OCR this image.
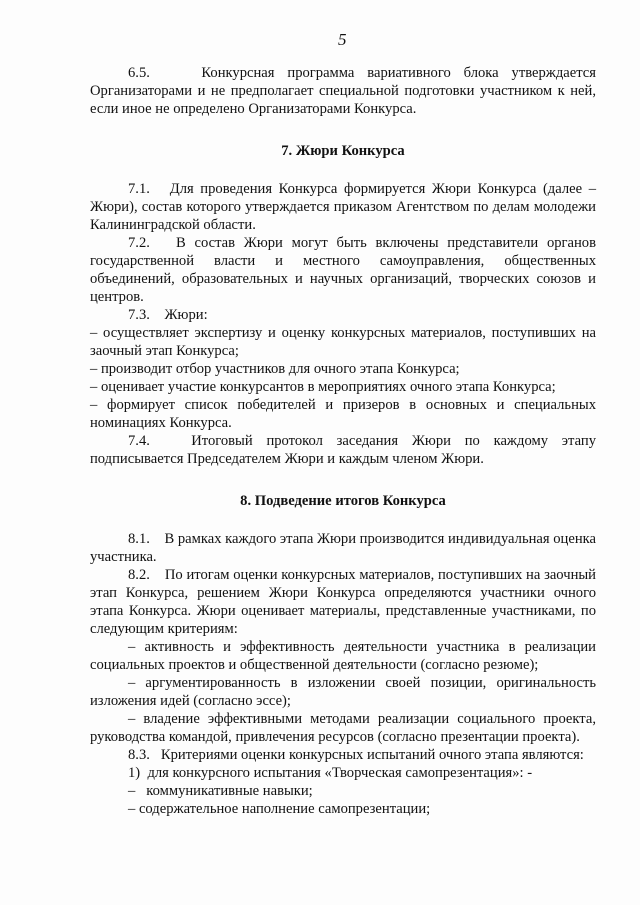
5

6.5.    Конкурсная программа вариативного блока утверждается Организаторами и не предполагает специальной подготовки участником к ней, если иное не определено Организаторами Конкурса.

7. Жюри Конкурса

7.1.   Для проведения Конкурса формируется Жюри Конкурса (далее – Жюри), состав которого утверждается приказом Агентством по делам молодежи Калининградской области.

7.2.   В состав Жюри могут быть включены представители органов государственной власти и местного самоуправления, общественных объединений, образовательных и научных организаций, творческих союзов и центров.

7.3.    Жюри:

– осуществляет экспертизу и оценку конкурсных материалов, поступивших на заочный этап Конкурса;

– производит отбор участников для очного этапа Конкурса;

– оценивает участие конкурсантов в мероприятиях очного этапа Конкурса;

– формирует список победителей и призеров в основных и специальных номинациях Конкурса.

7.4.   Итоговый протокол заседания Жюри по каждому этапу подписывается Председателем Жюри и каждым членом Жюри.

8. Подведение итогов Конкурса

8.1.    В рамках каждого этапа Жюри производится индивидуальная оценка участника.

8.2.    По итогам оценки конкурсных материалов, поступивших на заочный этап Конкурса, решением Жюри Конкурса определяются участники очного этапа Конкурса. Жюри оценивает материалы, представленные участниками, по следующим критериям:

– активность и эффективность деятельности участника в реализации социальных проектов и общественной деятельности (согласно резюме);

– аргументированность в изложении своей позиции, оригинальность изложения идей (согласно эссе);

– владение эффективными методами реализации социального проекта, руководства командой, привлечения ресурсов (согласно презентации проекта).

8.3.   Критериями оценки конкурсных испытаний очного этапа являются:

1)  для конкурсного испытания «Творческая самопрезентация»: -

–   коммуникативные навыки;

– содержательное наполнение самопрезентации;
